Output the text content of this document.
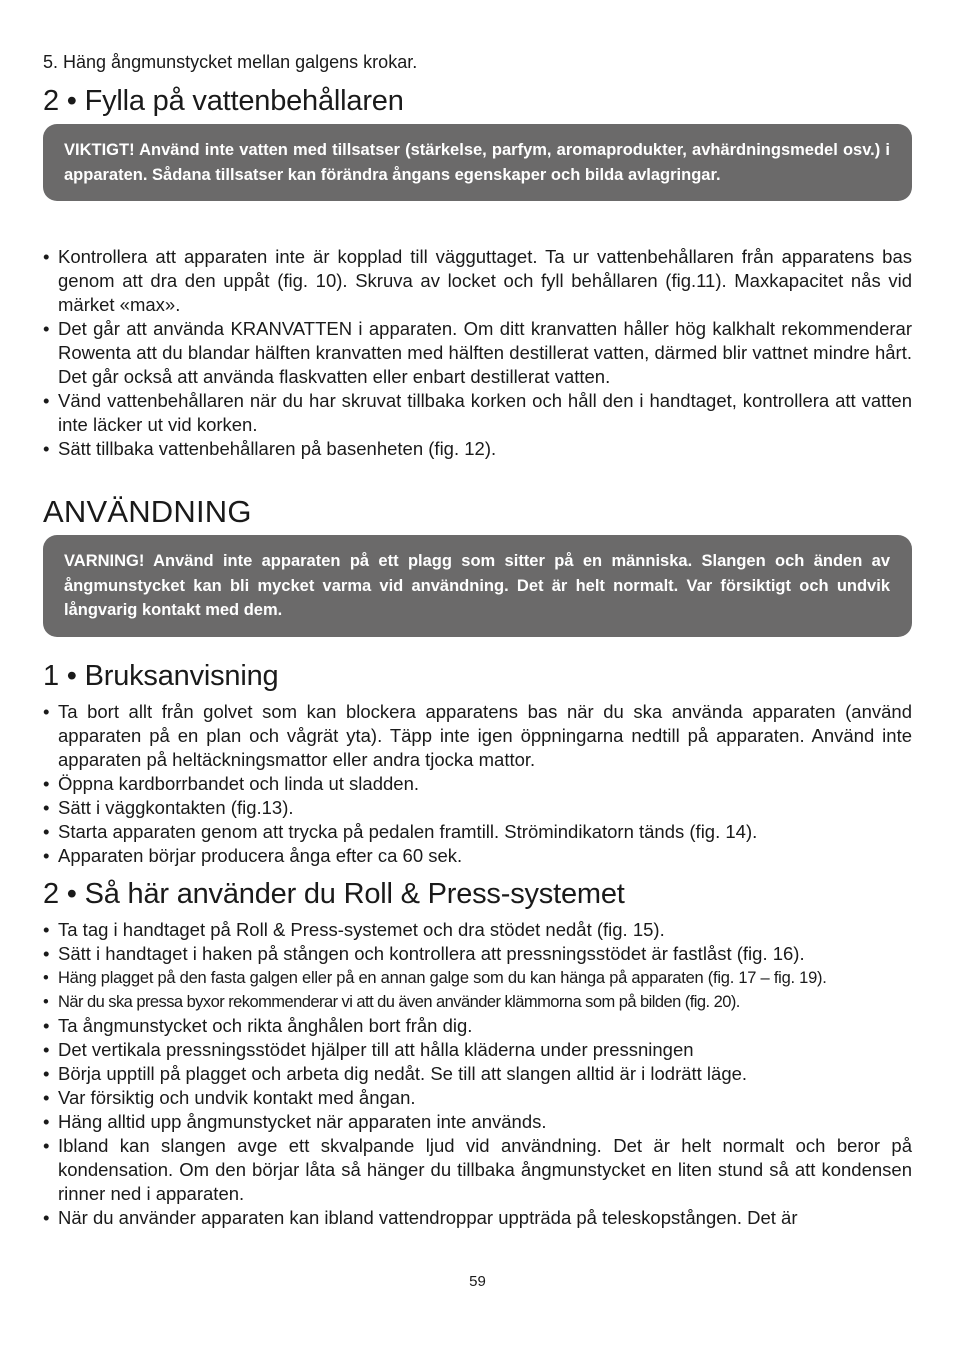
5. Häng ångmunstycket mellan galgens krokar.
2 • Fylla på vattenbehållaren
VIKTIGT! Använd inte vatten med tillsatser (stärkelse, parfym, aromaprodukter, avhärdningsmedel osv.) i apparaten. Sådana tillsatser kan förändra ångans egenskaper och bilda avlagringar.
• Kontrollera att apparaten inte är kopplad till vägguttaget. Ta ur vattenbehållaren från apparatens bas genom att dra den uppåt (fig. 10). Skruva av locket och fyll behållaren (fig.11). Maxkapacitet nås vid märket «max».
• Det går att använda KRANVATTEN i apparaten. Om ditt kranvatten håller hög kalkhalt rekommenderar Rowenta att du blandar hälften kranvatten med hälften destillerat vatten, därmed blir vattnet mindre hårt. Det går också att använda flaskvatten eller enbart destillerat vatten.
• Vänd vattenbehållaren när du har skruvat tillbaka korken och håll den i handtaget, kontrollera att vatten inte läcker ut vid korken.
• Sätt tillbaka vattenbehållaren på basenheten (fig. 12).
ANVÄNDNING
VARNING! Använd inte apparaten på ett plagg som sitter på en människa. Slangen och änden av ångmunstycket kan bli mycket varma vid användning. Det är helt normalt. Var försiktigt och undvik långvarig kontakt med dem.
1 • Bruksanvisning
• Ta bort allt från golvet som kan blockera apparatens bas när du ska använda apparaten (använd apparaten på en plan och vågrät yta). Täpp inte igen öppningarna nedtill på apparaten. Använd inte apparaten på heltäckningsmattor eller andra tjocka mattor.
• Öppna kardborrbandet och linda ut sladden.
• Sätt i väggkontakten (fig.13).
• Starta apparaten genom att trycka på pedalen framtill. Strömindikatorn tänds (fig. 14).
• Apparaten börjar producera ånga efter ca 60 sek.
2 • Så här använder du Roll & Press-systemet
• Ta tag i handtaget på Roll & Press-systemet och dra stödet nedåt (fig. 15).
• Sätt i handtaget i haken på stången och kontrollera att pressningsstödet är fastlåst (fig. 16).
• Häng plagget på den fasta galgen eller på en annan galge som du kan hänga på apparaten (fig. 17 – fig. 19).
• När du ska pressa byxor rekommenderar vi att du även använder klämmorna som på bilden (fig. 20).
• Ta ångmunstycket och rikta ånghålen bort från dig.
• Det vertikala pressningsstödet hjälper till att hålla kläderna under pressningen
• Börja upptill på plagget och arbeta dig nedåt. Se till att slangen alltid är i lodrätt läge.
• Var försiktig och undvik kontakt med ångan.
• Häng alltid upp ångmunstycket när apparaten inte används.
• Ibland kan slangen avge ett skvalpande ljud vid användning. Det är helt normalt och beror på kondensation. Om den börjar låta så hänger du tillbaka ångmunstycket en liten stund så att kondensen rinner ned i apparaten.
• När du använder apparaten kan ibland vattendroppar uppträda på teleskopstången. Det är
59
